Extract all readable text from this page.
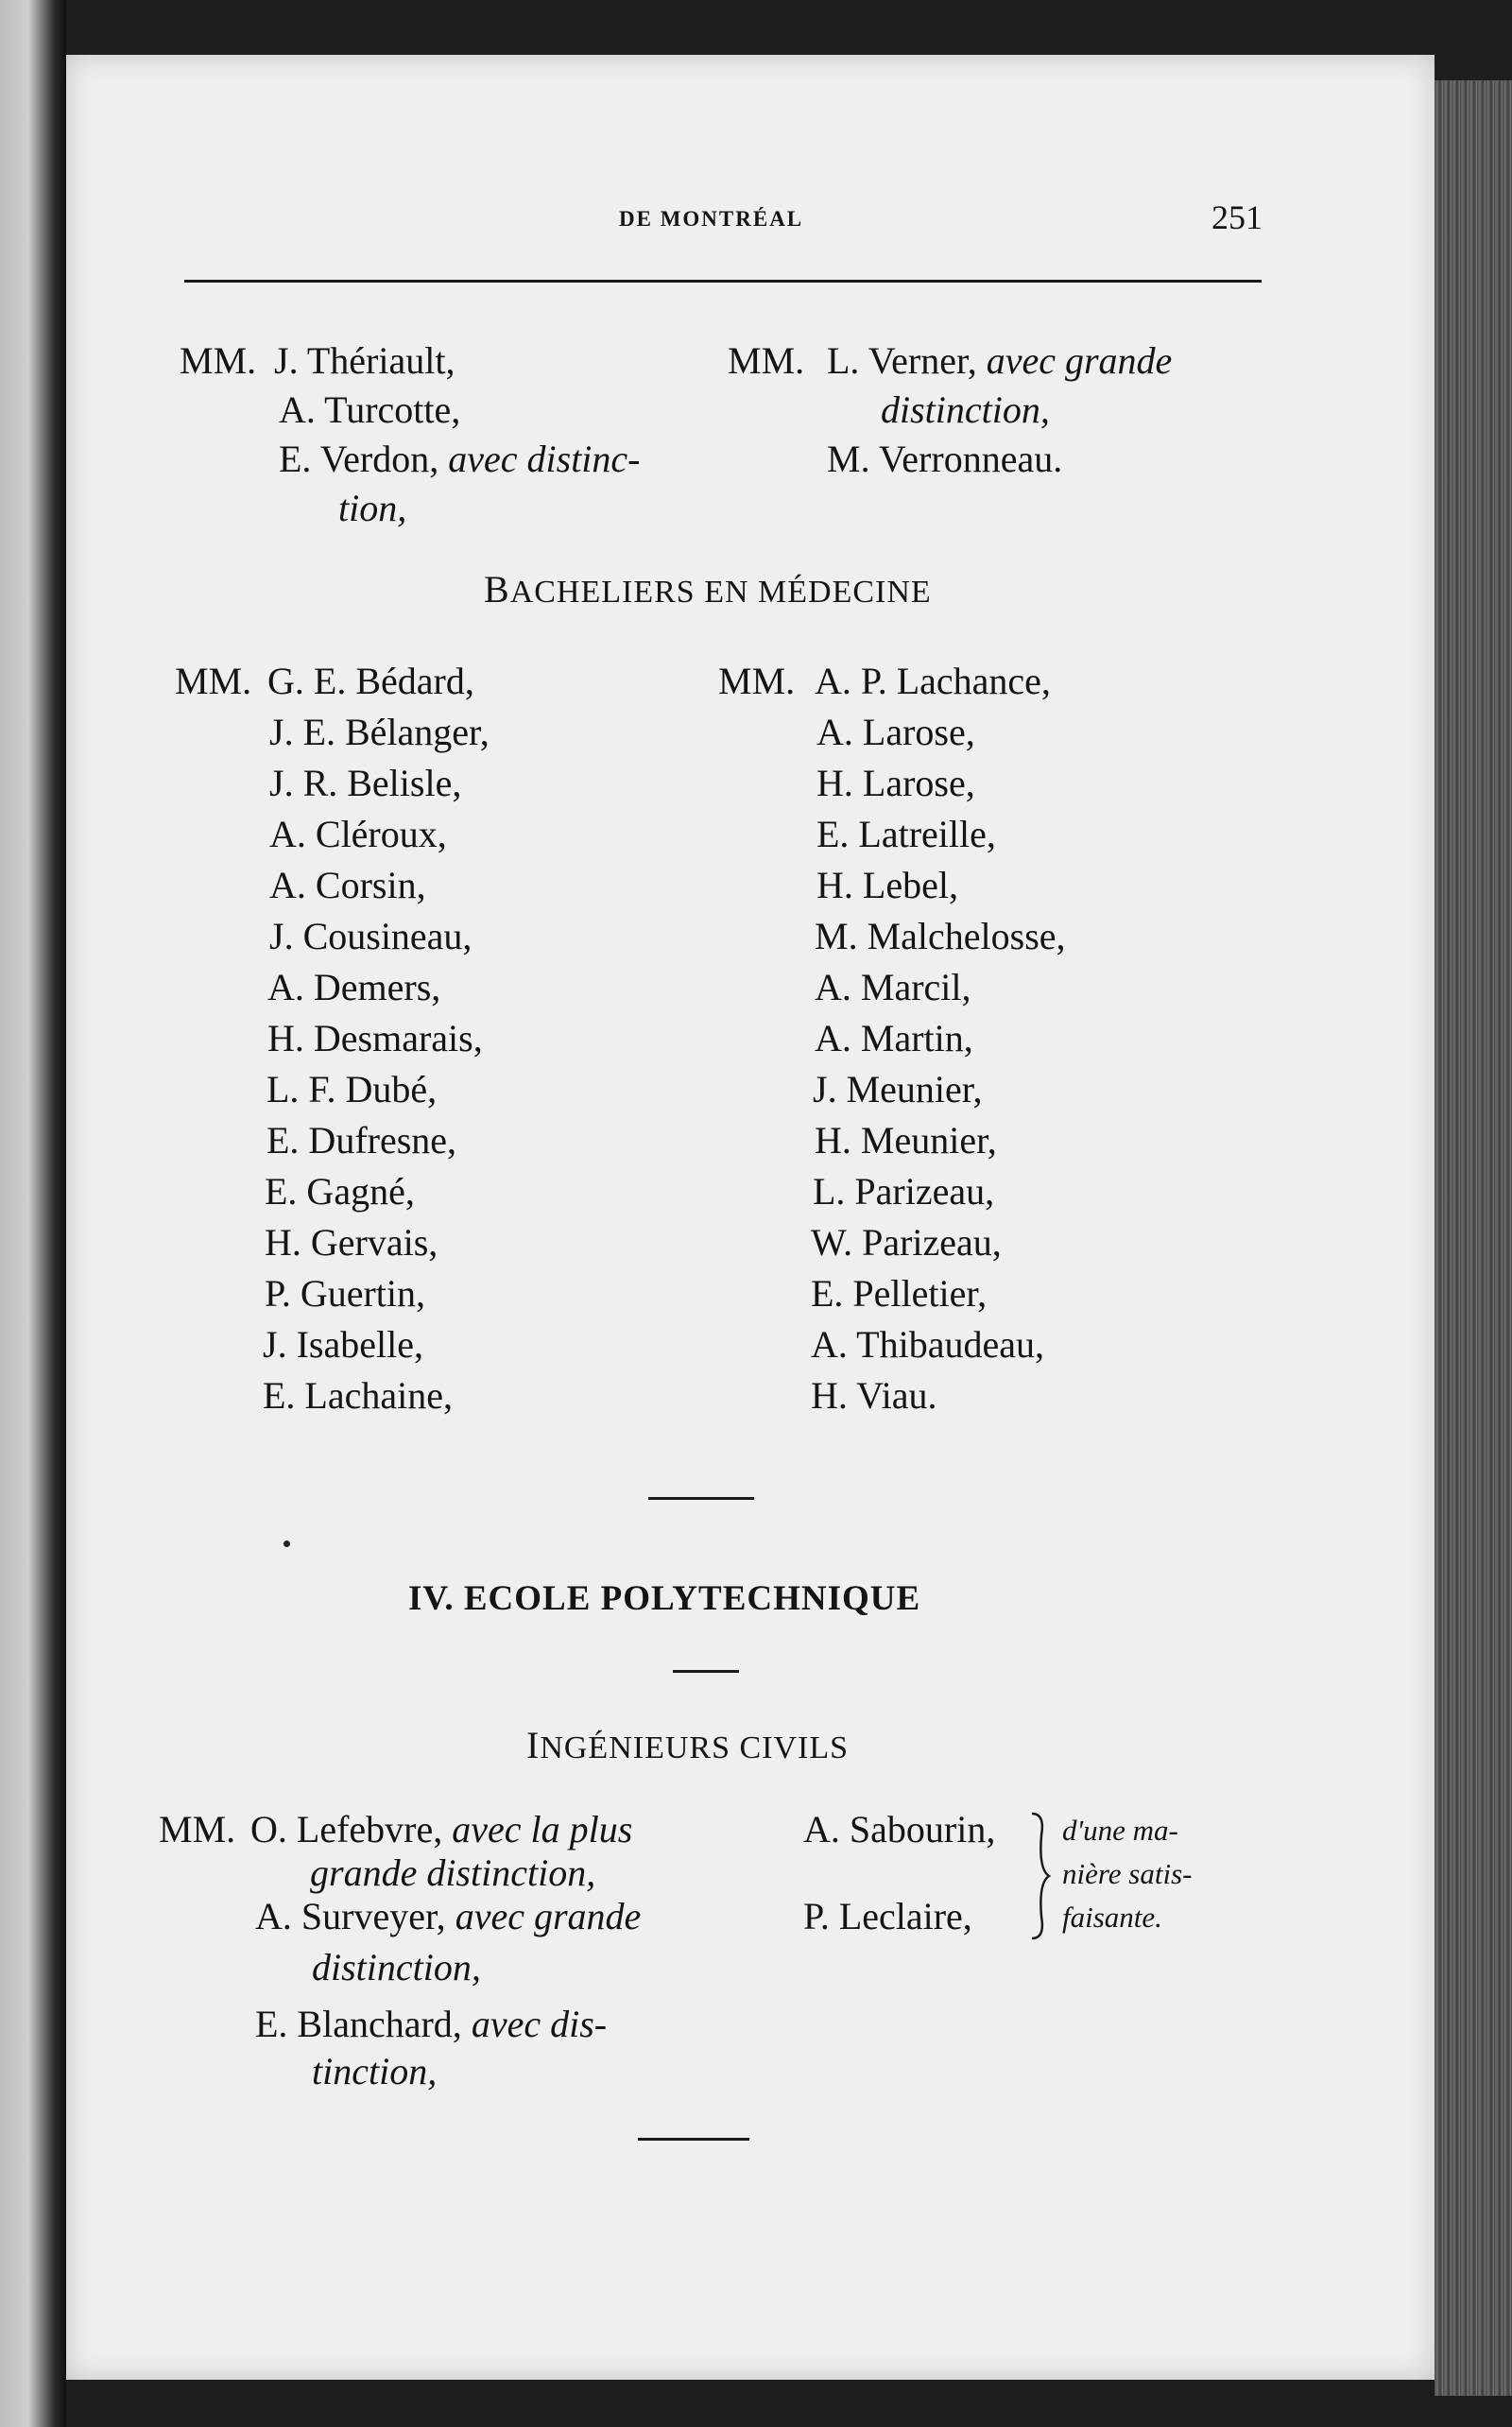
DE MONTRÉAL	251
MM. J. Thériault,
A. Turcotte,
E. Verdon, avec distinc-
tion,
MM. L. Verner, avec grande
distinction,
M. Verronneau.
BACHELIERS EN MÉDECINE
MM. G. E. Bédard,
J. E. Bélanger,
J. R. Belisle,
A. Cléroux,
A. Corsin,
J. Cousineau,
A. Demers,
H. Desmarais,
L. F. Dubé,
E. Dufresne,
E. Gagné,
H. Gervais,
P. Guertin,
J. Isabelle,
E. Lachaine,
MM. A. P. Lachance,
A. Larose,
H. Larose,
E. Latreille,
H. Lebel,
M. Malchelosse,
A. Marcil,
A. Martin,
J. Meunier,
H. Meunier,
L. Parizeau,
W. Parizeau,
E. Pelletier,
A. Thibaudeau,
H. Viau.
IV. ECOLE POLYTECHNIQUE
INGÉNIEURS CIVILS
MM. O. Lefebvre, avec la plus
grande distinction,
A. Surveyer, avec grande
distinction,
E. Blanchard, avec dis-
tinction,
A. Sabourin,
P. Leclaire,
d'une ma-
nière satis-
faisante.
